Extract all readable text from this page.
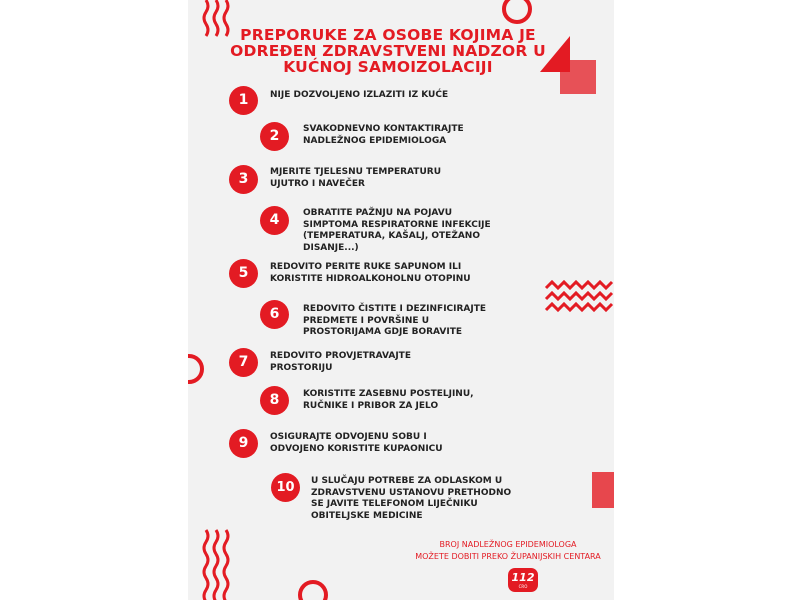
PREPORUKE ZA OSOBE KOJIMA JE ODREĐEN ZDRAVSTVENI NADZOR U KUĆNOJ SAMOIZOLACIJI
1	NIJE DOZVOLJENO IZLAZITI IZ KUĆE
2	SVAKODNEVNO KONTAKTIRAJTE
NADLEŽNOG EPIDEMIOLOGA
3	MJERITE TJELESNU TEMPERATURU
UJUTRO I NAVEČER
4	OBRATITE PAŽNJU NA POJAVU
SIMPTOMA RESPIRATORNE INFEKCIJE
(TEMPERATURA, KAŠALJ, OTEŽANO
DISANJE...)
5	REDOVITO PERITE RUKE SAPUNOM ILI
KORISTITE HIDROALKOHOLNU OTOPINU
6	REDOVITO ČISTITE I DEZINFICIRAJTE
PREDMETE I POVRŠINE U
PROSTORIJAMA GDJE BORAVITE
7	REDOVITO PROVJETRAVAJTE
PROSTORIJU
8	KORISTITE ZASEBNU POSTELJINU,
RUČNIKE I PRIBOR ZA JELO
9	OSIGURAJTE ODVOJENU SOBU I
ODVOJENO KORISTITE KUPAONICU
10	U SLUČAJU POTREBE ZA ODLASKOM U
ZDRAVSTVENU USTANOVU PRETHODNO
SE JAVITE TELEFONOM LIJEČNIKU
OBITELJSKE MEDICINE
BROJ NADLEŽNOG EPIDEMIOLOGA
MOŽETE DOBITI PREKO ŽUPANIJSKIH CENTARA
112
CRO
